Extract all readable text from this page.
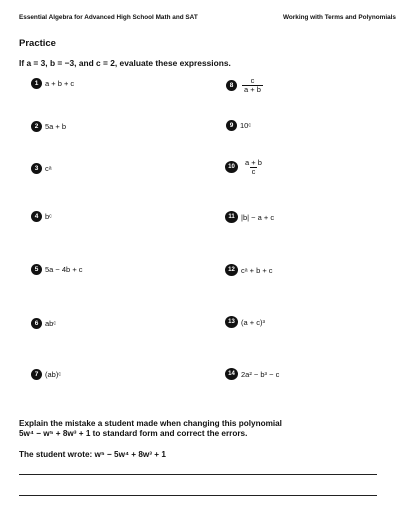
Essential Algebra for Advanced High School Math and SAT	Working with Terms and Polynomials
Practice
If a = 3, b = −3, and c = 2, evaluate these expressions.
1 a + b + c
2 5a + b
3 cᵃ
4 bᶜ
5 5a − 4b + c
6 abᶜ
7 (ab)ᶜ
8	$\frac{c}{a + b}$
9 10ᶜ
10	$\frac{a + b}{c}$
11 |b| − a + c
12 cᵃ + b + c
13 (a + c)³
14 2a² − b³ − c
Explain the mistake a student made when changing this polynomial
5w⁴ − w⁵ + 8w³ + 1 to standard form and correct the errors.
The student wrote: w⁵ − 5w⁴ + 8w³ + 1
